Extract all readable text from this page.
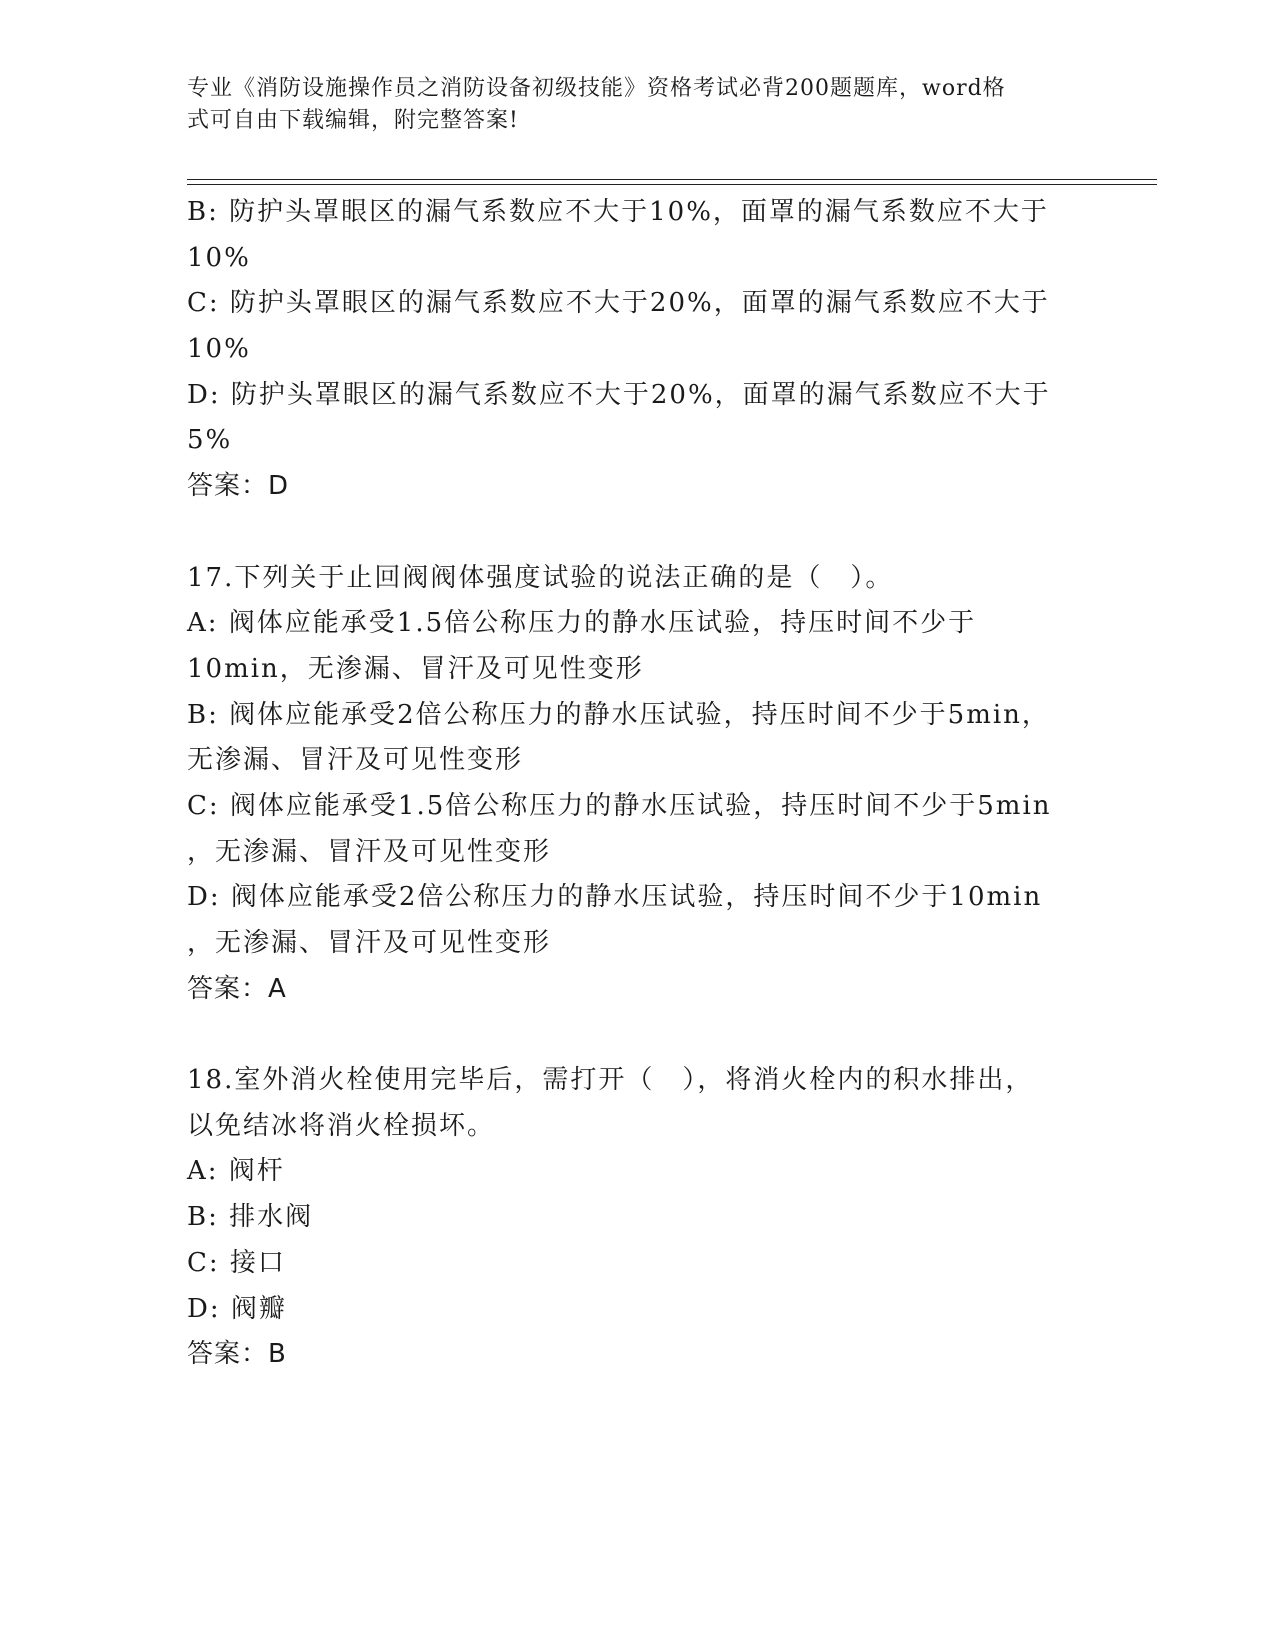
专业《消防设施操作员之消防设备初级技能》资格考试必背200题题库，word格
式可自由下载编辑，附完整答案!
B: 防护头罩眼区的漏气系数应不大于10%，面罩的漏气系数应不大于
10%
C: 防护头罩眼区的漏气系数应不大于20%，面罩的漏气系数应不大于
10%
D: 防护头罩眼区的漏气系数应不大于20%，面罩的漏气系数应不大于
5%
答案：D
17.下列关于止回阀阀体强度试验的说法正确的是（　）。
A: 阀体应能承受1.5倍公称压力的静水压试验，持压时间不少于
10min，无渗漏、冒汗及可见性变形
B: 阀体应能承受2倍公称压力的静水压试验，持压时间不少于5min，
无渗漏、冒汗及可见性变形
C: 阀体应能承受1.5倍公称压力的静水压试验，持压时间不少于5min
，无渗漏、冒汗及可见性变形
D: 阀体应能承受2倍公称压力的静水压试验，持压时间不少于10min
，无渗漏、冒汗及可见性变形
答案：A
18.室外消火栓使用完毕后，需打开（　），将消火栓内的积水排出，
以免结冰将消火栓损坏。
A: 阀杆
B: 排水阀
C: 接口
D: 阀瓣
答案：B
